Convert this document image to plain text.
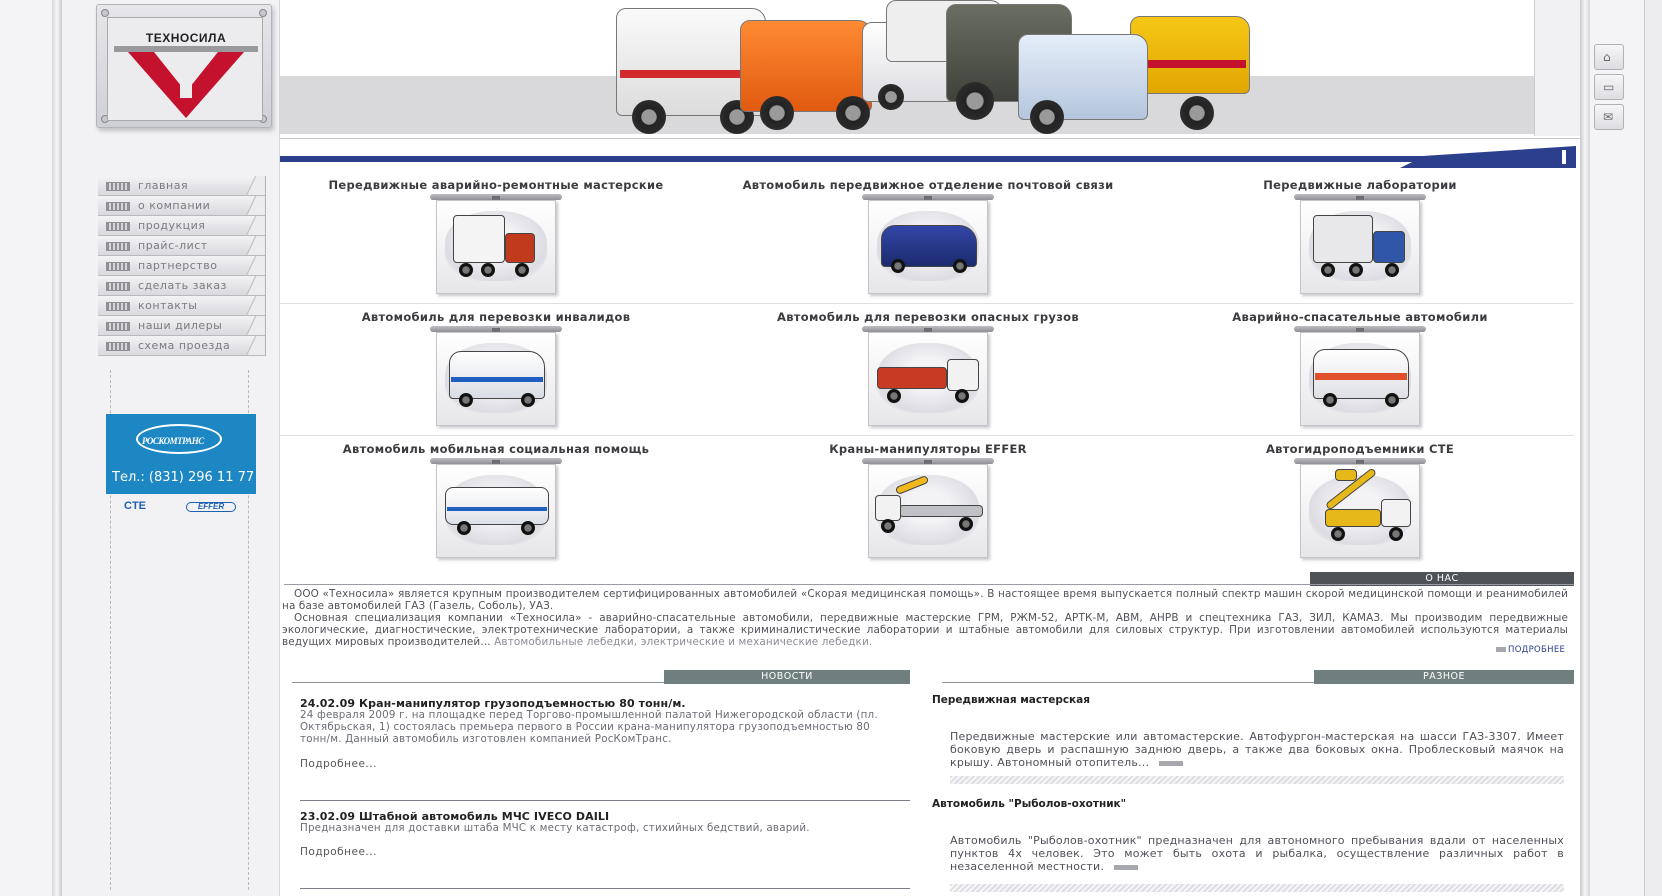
ТЕХНОСИЛА
главная
о компании
продукция
прайс-лист
партнерство
сделать заказ
контакты
наши дилеры
схема проезда
РОСКОМТРАНС
Тел.: (831) 296 11 77
CTE	EFFER
Передвижные аварийно-ремонтные мастерские	Автомобиль передвижное отделение почтовой связи	Передвижные лаборатории
Автомобиль для перевозки инвалидов	Автомобиль для перевозки опасных грузов	Аварийно-спасательные автомобили
Автомобиль мобильная социальная помощь	Краны-манипуляторы EFFER	Автогидроподъемники CTE
О НАС
ООО «Техносила» является крупным производителем сертифицированных автомобилей «Скорая медицинская помощь». В настоящее время выпускается полный спектр машин скорой медицинской помощи и реанимобилей на базе автомобилей ГАЗ (Газель, Соболь), УАЗ.
Основная специализация компании «Техносила» - аварийно-спасательные автомобили, передвижные мастерские ГРМ, РЖМ-52, АРТК-М, АВМ, АНРВ и спецтехника ГАЗ, ЗИЛ, КАМАЗ. Мы производим передвижные экологические, диагностические, электротехнические лаборатории, а также криминалистические лаборатории и штабные автомобили для силовых структур. При изготовлении автомобилей используются материалы ведущих мировых производителей... Автомобильные лебедки, электрические и механические лебедки.
ПОДРОБНЕЕ
НОВОСТИ
24.02.09 Кран-манипулятор грузоподъемностью 80 тонн/м.
24 февраля 2009 г. на площадке перед Торгово-промышленной палатой Нижегородской области (пл. Октябрьская, 1) состоялась премьера первого в России крана-манипулятора грузоподъемностью 80 тонн/м. Данный автомобиль изготовлен компанией РосКомТранс.
Подробнее...
23.02.09 Штабной автомобиль МЧС IVECO DAILI
Предназначен для доставки штаба МЧС к месту катастроф, стихийных бедствий, аварий.
Подробнее...
РАЗНОЕ
Передвижная мастерская
Передвижные мастерские или автомастерские. Автофургон-мастерская на шасси ГАЗ-3307. Имеет боковую дверь и распашную заднюю дверь, а также два боковых окна. Проблесковый маячок на крышу. Автономный отопитель...
Автомобиль "Рыболов-охотник"
Автомобиль "Рыболов-охотник" предназначен для автономного пребывания вдали от населенных пунктов 4х человек. Это может быть охота и рыбалка, осуществление различных работ в незаселенной местности.
⌂
▭
✉
